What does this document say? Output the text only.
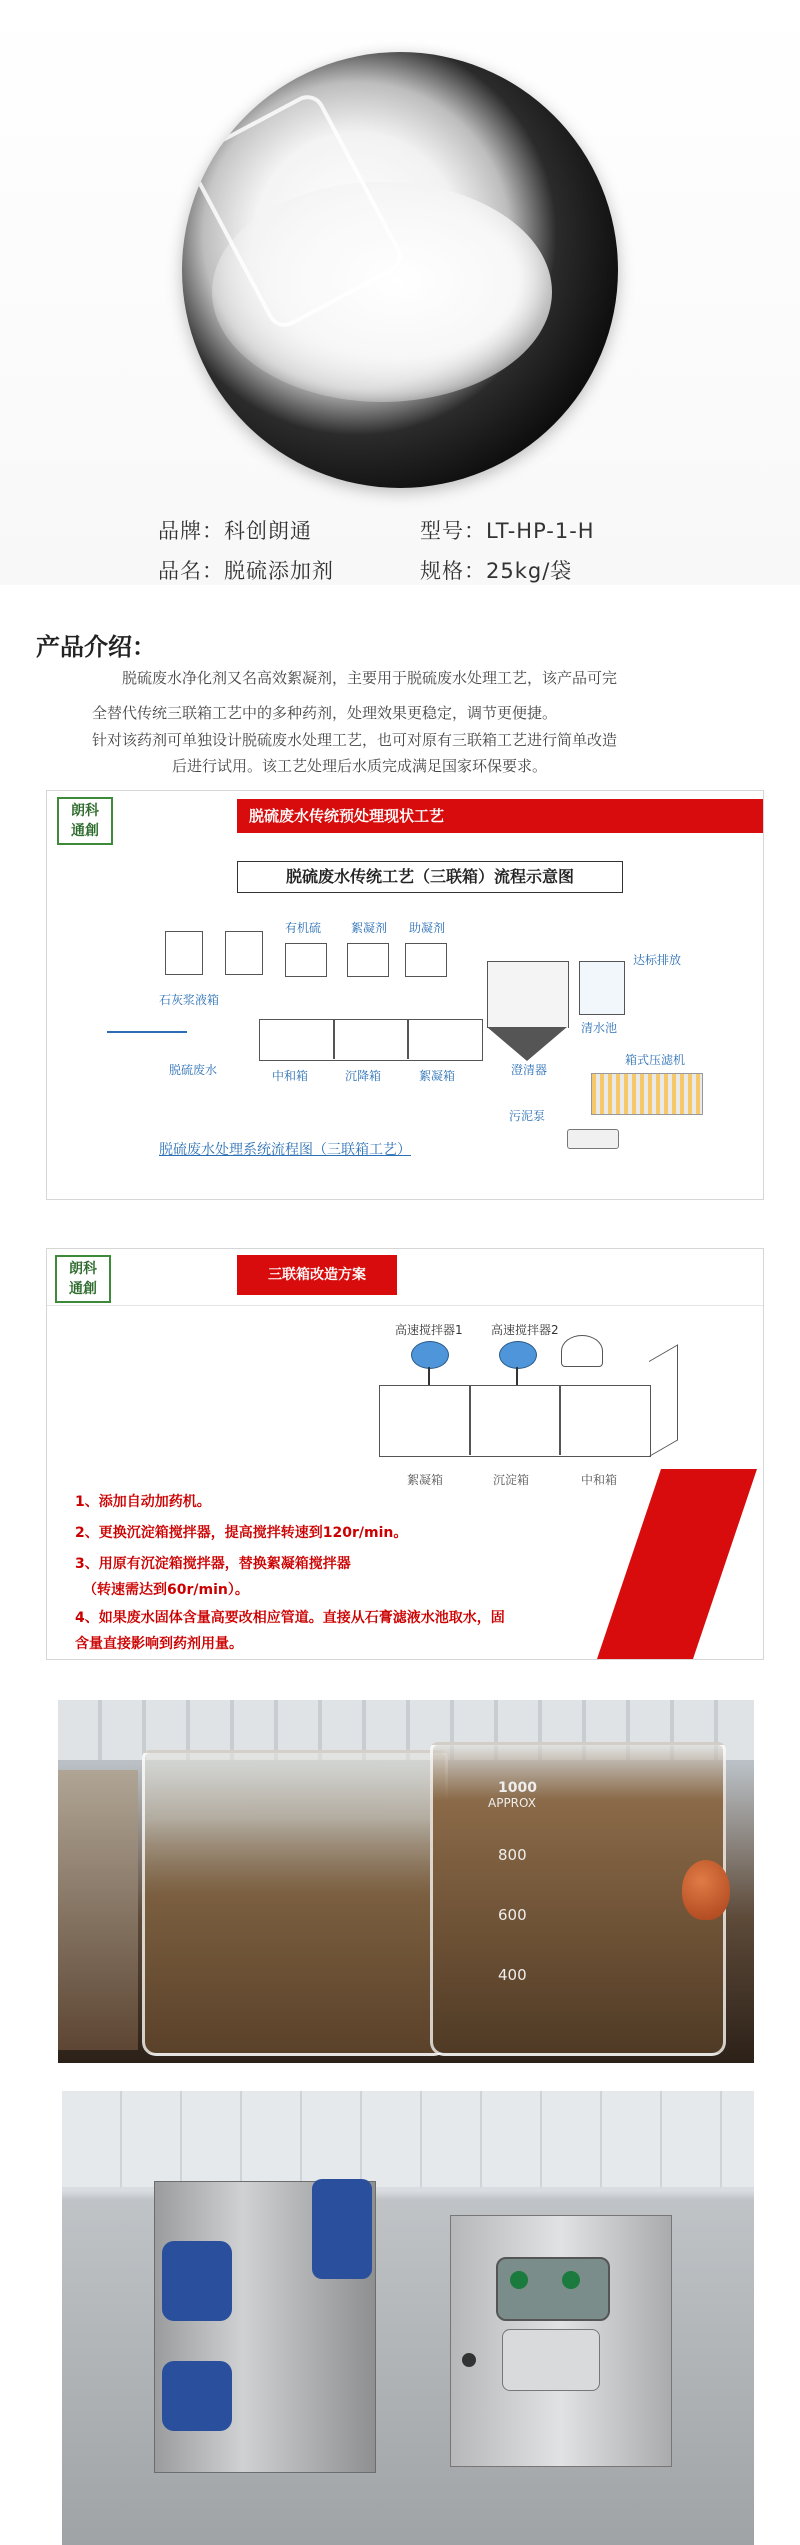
品牌：科创朗通	型号：LT-HP-1-H
品名：脱硫添加剂	规格：25kg/袋
产品介绍：
脱硫废水净化剂又名高效絮凝剂，主要用于脱硫废水处理工艺，该产品可完
全替代传统三联箱工艺中的多种药剂，处理效果更稳定，调节更便捷。
针对该药剂可单独设计脱硫废水处理工艺，也可对原有三联箱工艺进行简单改造
后进行试用。该工艺处理后水质完成满足国家环保要求。
朗科
通創
脱硫废水传统预处理现状工艺
脱硫废水传统工艺（三联箱）流程示意图
石灰浆液箱
有机硫 絮凝剂 助凝剂
脱硫废水	中和箱	沉降箱	絮凝箱	澄清器
达标排放
清水池
污泥泵
箱式压滤机
脱硫废水处理系统流程图（三联箱工艺）
朗科
通創
三联箱改造方案
高速搅拌器1 高速搅拌器2
絮凝箱	沉淀箱	中和箱
1、添加自动加药机。
2、更换沉淀箱搅拌器，提高搅拌转速到120r/min。
3、用原有沉淀箱搅拌器，替换絮凝箱搅拌器
（转速需达到60r/min）。
4、如果废水固体含量高要改相应管道。直接从石膏滤液水池取水，固
含量直接影响到药剂用量。
1000
APPROX
800
600
400
